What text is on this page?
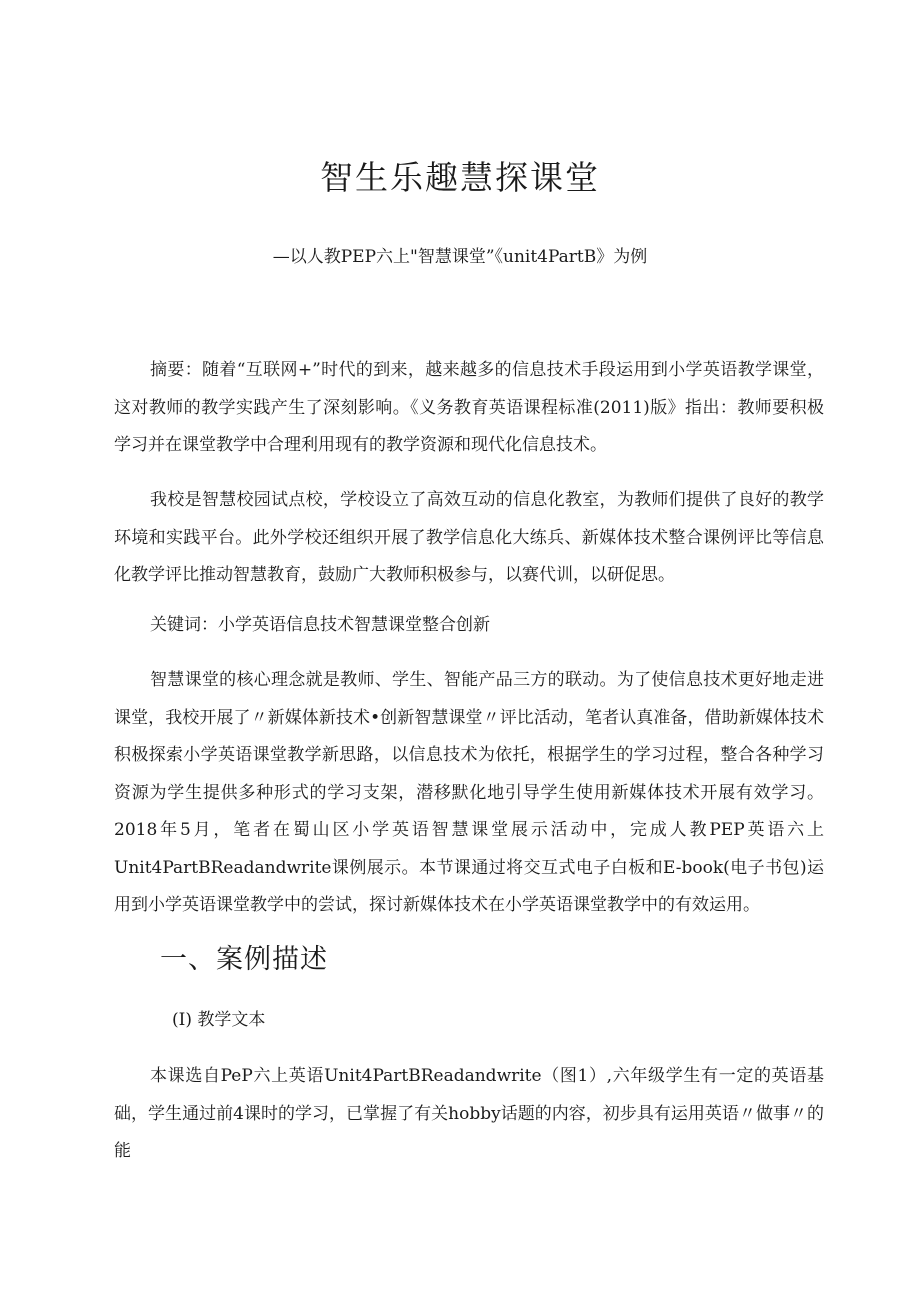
智生乐趣慧探课堂

—以人教PEP六上"智慧课堂”《unit4PartB》为例

摘要：随着“互联网+”时代的到来，越来越多的信息技术手段运用到小学英语教学课堂，这对教师的教学实践产生了深刻影响。《义务教育英语课程标准(2011)版》指出：教师要积极学习并在课堂教学中合理利用现有的教学资源和现代化信息技术。

我校是智慧校园试点校，学校设立了高效互动的信息化教室，为教师们提供了良好的教学环境和实践平台。此外学校还组织开展了教学信息化大练兵、新媒体技术整合课例评比等信息化教学评比推动智慧教育，鼓励广大教师积极参与，以赛代训，以研促思。

关键词：小学英语信息技术智慧课堂整合创新

智慧课堂的核心理念就是教师、学生、智能产品三方的联动。为了使信息技术更好地走进课堂，我校开展了〃新媒体新技术•创新智慧课堂〃评比活动，笔者认真准备，借助新媒体技术积极探索小学英语课堂教学新思路，以信息技术为依托，根据学生的学习过程，整合各种学习资源为学生提供多种形式的学习支架，潜移默化地引导学生使用新媒体技术开展有效学习。2018年5月，笔者在蜀山区小学英语智慧课堂展示活动中，完成人教PEP英语六上Unit4PartBReadandwrite课例展示。本节课通过将交互式电子白板和E-book(电子书包)运用到小学英语课堂教学中的尝试，探讨新媒体技术在小学英语课堂教学中的有效运用。

一、案例描述
(I) 教学文本

本课选自PeP六上英语Unit4PartBReadandwrite（图1）,六年级学生有一定的英语基础，学生通过前4课时的学习，已掌握了有关hobby话题的内容，初步具有运用英语〃做事〃的能
